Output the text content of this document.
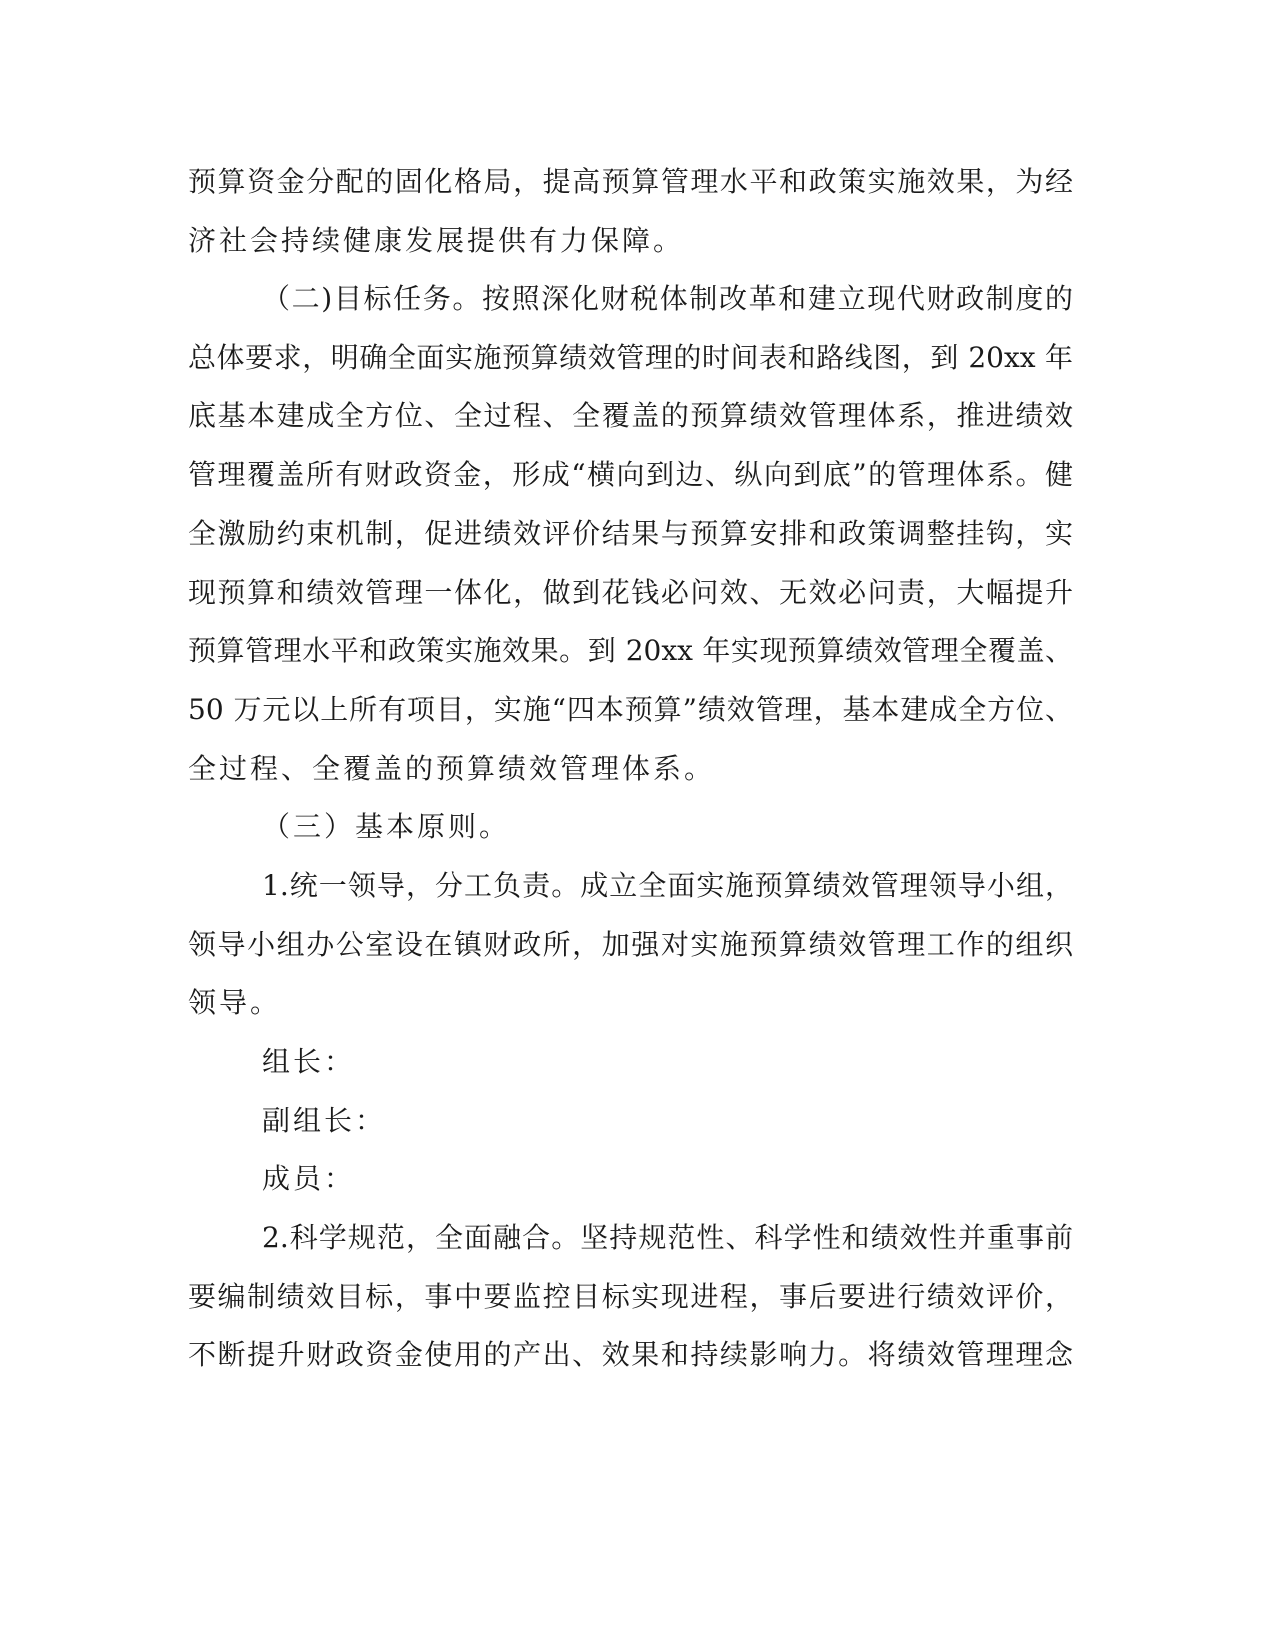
预算资金分配的固化格局，提高预算管理水平和政策实施效果，为经
济社会持续健康发展提供有力保障。
（二)目标任务。按照深化财税体制改革和建立现代财政制度的
总体要求，明确全面实施预算绩效管理的时间表和路线图，到 20xx 年
底基本建成全方位、全过程、全覆盖的预算绩效管理体系，推进绩效
管理覆盖所有财政资金，形成“横向到边、纵向到底”的管理体系。健
全激励约束机制，促进绩效评价结果与预算安排和政策调整挂钩，实
现预算和绩效管理一体化，做到花钱必问效、无效必问责，大幅提升
预算管理水平和政策实施效果。到 20xx 年实现预算绩效管理全覆盖、
50 万元以上所有项目，实施“四本预算”绩效管理，基本建成全方位、
全过程、全覆盖的预算绩效管理体系。
（三）基本原则。
1.统一领导，分工负责。成立全面实施预算绩效管理领导小组，
领导小组办公室设在镇财政所，加强对实施预算绩效管理工作的组织
领导。
组长：
副组长：
成员：
2.科学规范，全面融合。坚持规范性、科学性和绩效性并重事前
要编制绩效目标，事中要监控目标实现进程，事后要进行绩效评价，
不断提升财政资金使用的产出、效果和持续影响力。将绩效管理理念
